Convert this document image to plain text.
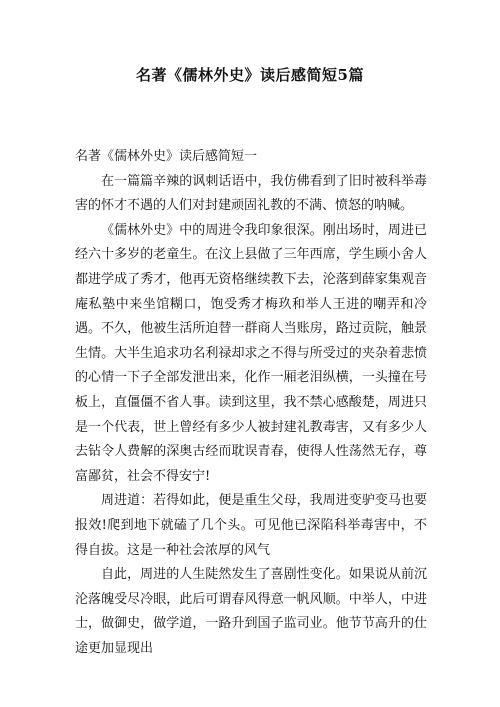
名著《儒林外史》读后感简短5篇

名著《儒林外史》读后感简短一

在一篇篇辛辣的讽刺话语中，我仿佛看到了旧时被科举毒害的怀才不遇的人们对封建顽固礼教的不满、愤怒的呐喊。

《儒林外史》中的周进令我印象很深。刚出场时，周进已经六十多岁的老童生。在汶上县做了三年西席，学生顾小舍人都进学成了秀才，他再无资格继续教下去，沦落到薛家集观音庵私塾中来坐馆糊口，饱受秀才梅玖和举人王进的嘲弄和冷遇。不久，他被生活所迫替一群商人当账房，路过贡院，触景生情。大半生追求功名利禄却求之不得与所受过的夹杂着悲愤的心情一下子全部发泄出来，化作一厢老泪纵横，一头撞在号板上，直僵僵不省人事。读到这里，我不禁心感酸楚，周进只是一个代表，世上曾经有多少人被封建礼教毒害，又有多少人去钻令人费解的深奥古经而耽误青春，使得人性荡然无存，尊富鄙贫，社会不得安宁!

周进道：若得如此，便是重生父母，我周进变驴变马也要报效!爬到地下就磕了几个头。可见他已深陷科举毒害中，不得自拔。这是一种社会浓厚的风气

自此，周进的人生陡然发生了喜剧性变化。如果说从前沉沦落魄受尽冷眼，此后可谓春风得意一帆风顺。中举人，中进士，做御史，做学道，一路升到国子监司业。他节节高升的仕途更加显现出
